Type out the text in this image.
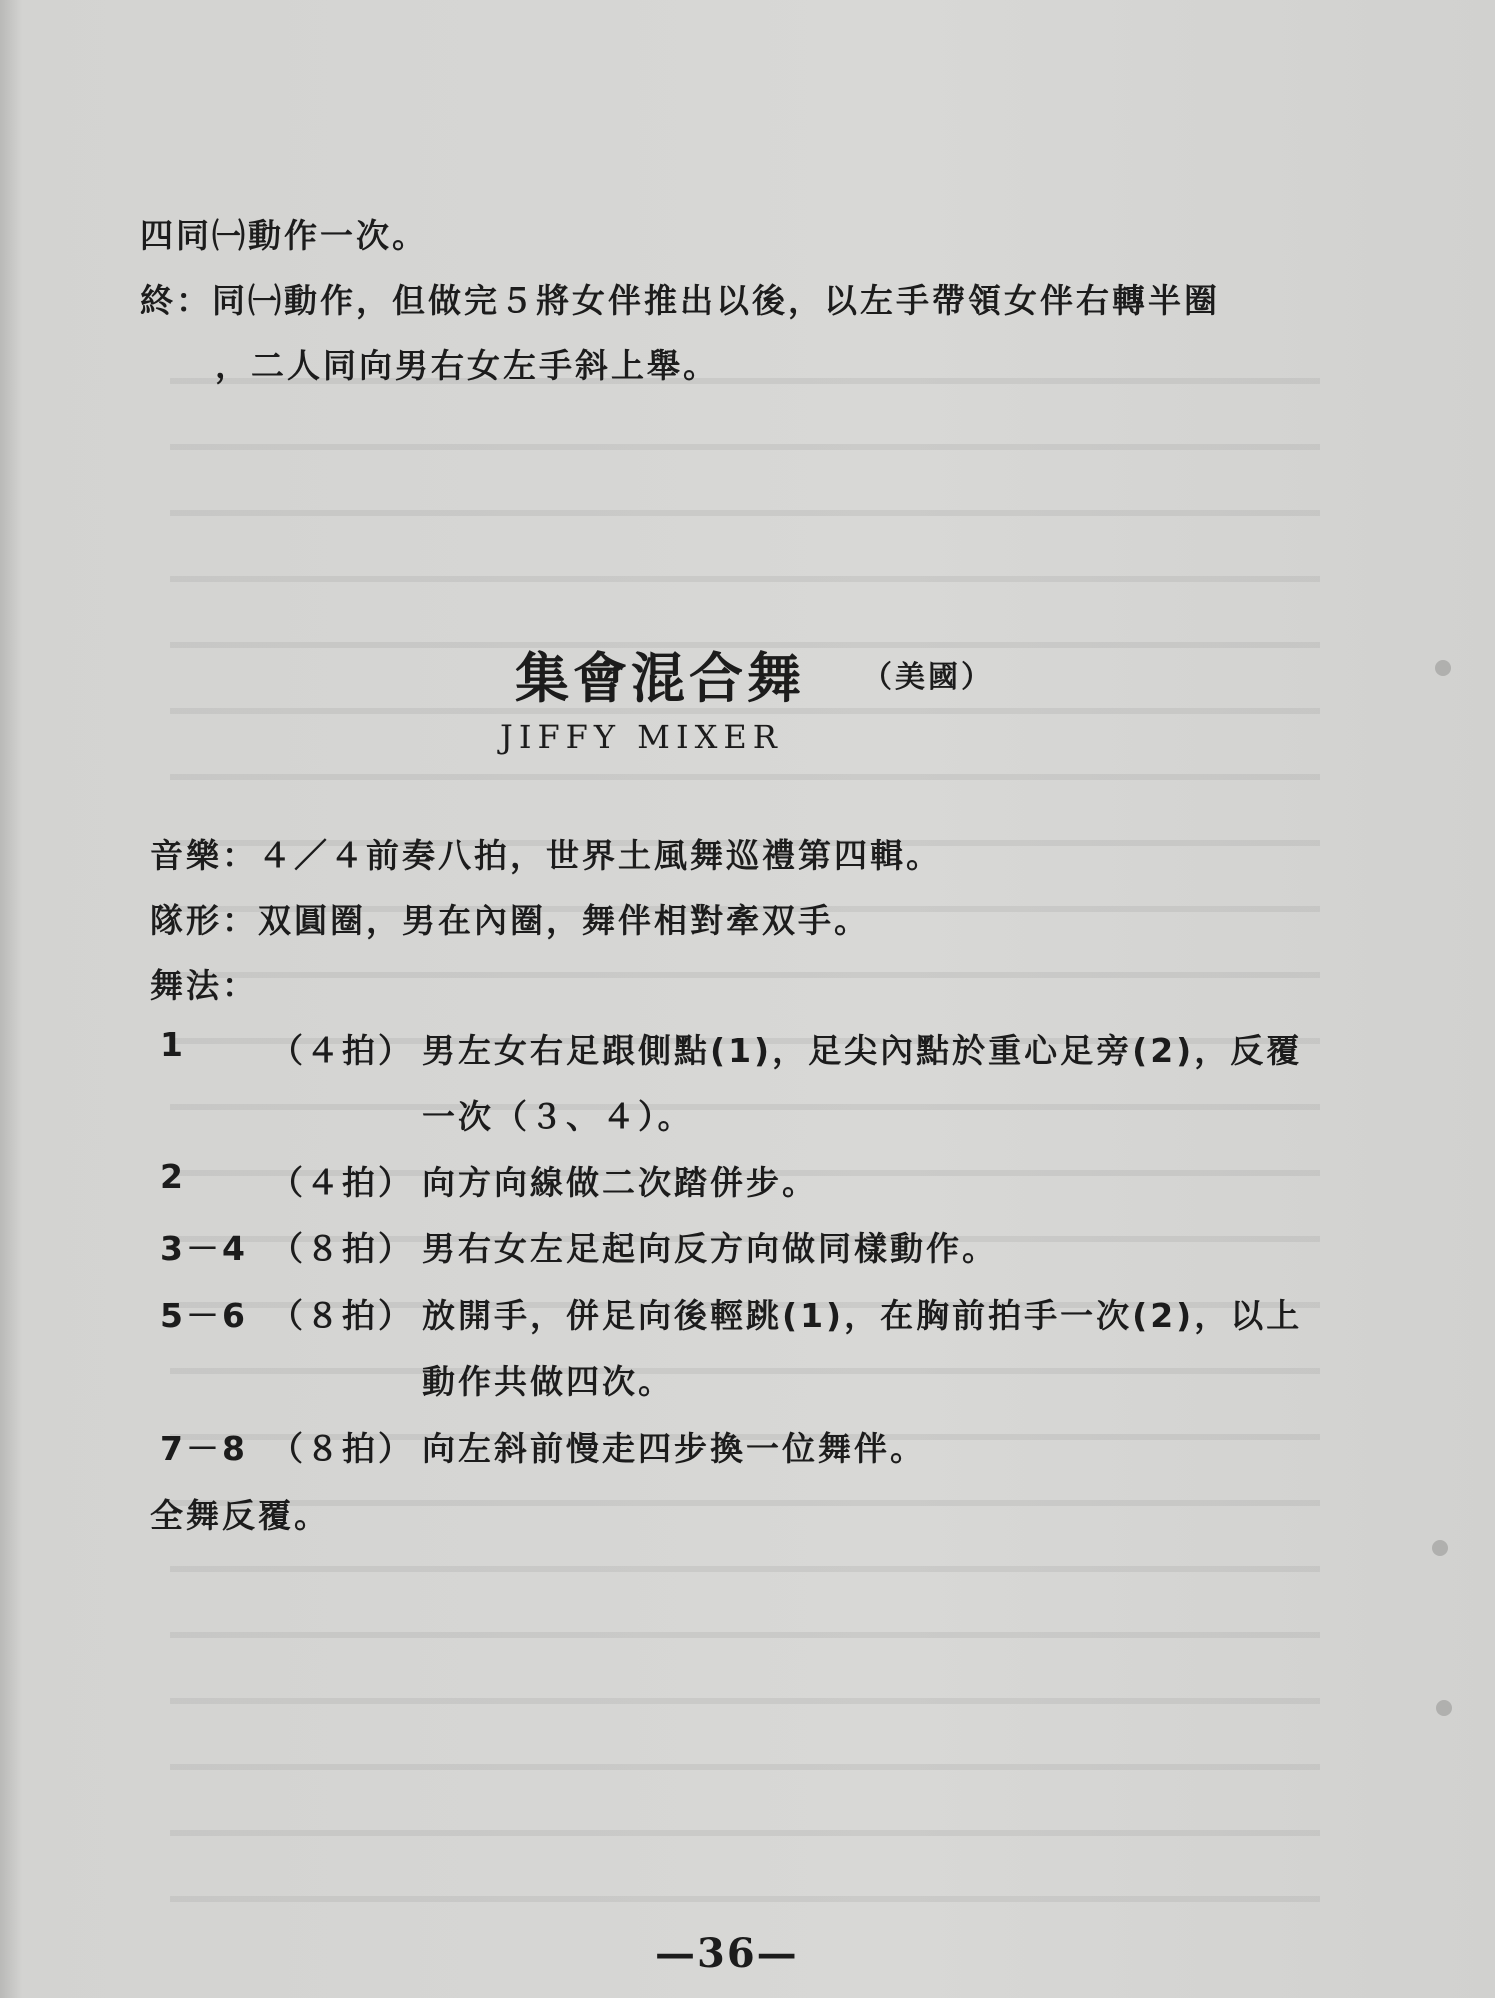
四同㈠動作一次。
終：同㈠動作，但做完５將女伴推出以後，以左手帶領女伴右轉半圈
，二人同向男右女左手斜上舉。
集會混合舞 （美國）
JIFFY MIXER
音樂：４／４前奏八拍，世界土風舞巡禮第四輯。
隊形：双圓圈，男在內圈，舞伴相對牽双手。
舞法：
1	（４拍） 男左女右足跟側點(1)，足尖內點於重心足旁(2)，反覆
一次（３、４）。
2	（４拍） 向方向線做二次踏併步。
3－4 （８拍） 男右女左足起向反方向做同樣動作。
5－6 （８拍） 放開手，併足向後輕跳(1)，在胸前拍手一次(2)，以上
動作共做四次。
7－8 （８拍） 向左斜前慢走四步換一位舞伴。
全舞反覆。
—36—
